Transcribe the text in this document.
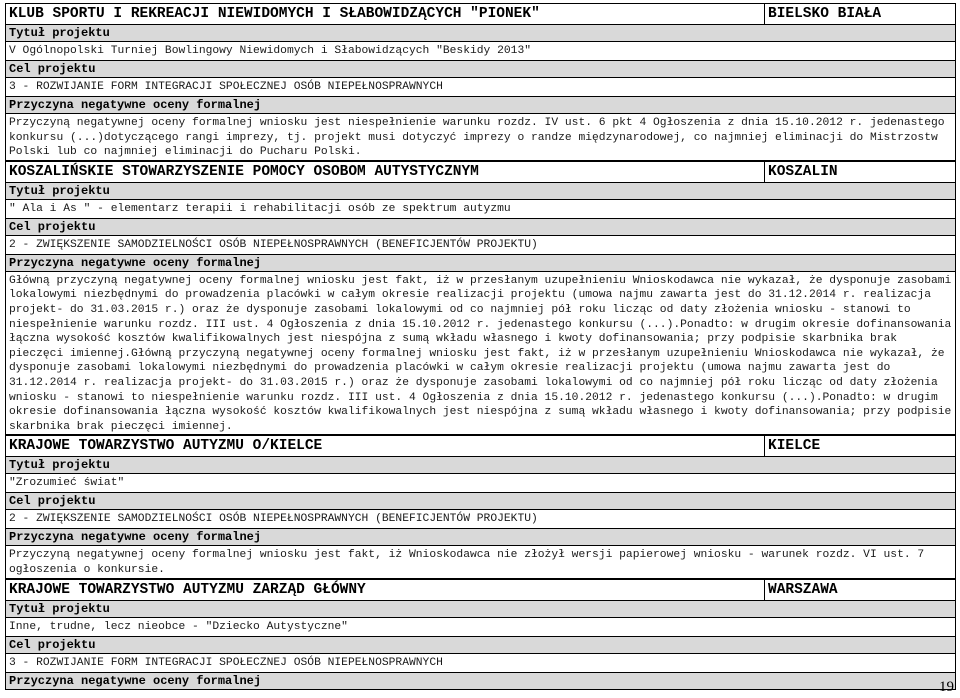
KLUB SPORTU I REKREACJI NIEWIDOMYCH I SŁABOWIDZĄCYCH "PIONEK"	BIELSKO BIAŁA
Tytuł projektu
V Ogólnopolski Turniej Bowlingowy Niewidomych i Słabowidzących "Beskidy 2013"
Cel projektu
3 - ROZWIJANIE FORM INTEGRACJI SPOŁECZNEJ OSÓB NIEPEŁNOSPRAWNYCH
Przyczyna negatywne oceny formalnej
Przyczyną negatywnej oceny formalnej wniosku jest niespełnienie warunku rozdz. IV ust. 6 pkt 4 Ogłoszenia z dnia 15.10.2012 r. jedenastego konkursu (...)dotyczącego rangi imprezy, tj. projekt musi dotyczyć imprezy o randze międzynarodowej, co najmniej eliminacji do Mistrzostw Polski lub co najmniej eliminacji do Pucharu Polski.
KOSZALIŃSKIE STOWARZYSZENIE POMOCY OSOBOM AUTYSTYCZNYM	KOSZALIN
Tytuł projektu
" Ala i As " - elementarz terapii i rehabilitacji osób ze spektrum autyzmu
Cel projektu
2 - ZWIĘKSZENIE SAMODZIELNOŚCI OSÓB NIEPEŁNOSPRAWNYCH (BENEFICJENTÓW PROJEKTU)
Przyczyna negatywne oceny formalnej
Główną przyczyną negatywnej oceny formalnej wniosku jest fakt, iż w przesłanym uzupełnieniu Wnioskodawca nie wykazał, że dysponuje zasobami lokalowymi niezbędnymi do prowadzenia placówki w całym okresie realizacji projektu (umowa najmu zawarta jest do 31.12.2014 r. realizacja projekt- do 31.03.2015 r.) oraz że dysponuje zasobami lokalowymi od co najmniej pół roku licząc od daty złożenia wniosku - stanowi to niespełnienie warunku rozdz. III ust. 4 Ogłoszenia z dnia 15.10.2012 r. jedenastego konkursu (...).Ponadto: w drugim okresie dofinansowania łączna wysokość kosztów kwalifikowalnych jest niespójna z sumą wkładu własnego i kwoty dofinansowania; przy podpisie skarbnika brak pieczęci imiennej.Główną przyczyną negatywnej oceny formalnej wniosku jest fakt, iż w przesłanym uzupełnieniu Wnioskodawca nie wykazał, że dysponuje zasobami lokalowymi niezbędnymi do prowadzenia placówki w całym okresie realizacji projektu (umowa najmu zawarta jest do 31.12.2014 r. realizacja projekt- do 31.03.2015 r.) oraz że dysponuje zasobami lokalowymi od co najmniej pół roku licząc od daty złożenia wniosku - stanowi to niespełnienie warunku rozdz. III ust. 4 Ogłoszenia z dnia 15.10.2012 r. jedenastego konkursu (...).Ponadto: w drugim okresie dofinansowania łączna wysokość kosztów kwalifikowalnych jest niespójna z sumą wkładu własnego i kwoty dofinansowania; przy podpisie skarbnika brak pieczęci imiennej.
KRAJOWE TOWARZYSTWO AUTYZMU O/KIELCE	KIELCE
Tytuł projektu
"Zrozumieć świat"
Cel projektu
2 - ZWIĘKSZENIE SAMODZIELNOŚCI OSÓB NIEPEŁNOSPRAWNYCH (BENEFICJENTÓW PROJEKTU)
Przyczyna negatywne oceny formalnej
Przyczyną negatywnej oceny formalnej wniosku jest fakt, iż Wnioskodawca nie złożył wersji papierowej wniosku - warunek rozdz. VI ust. 7 ogłoszenia o konkursie.
KRAJOWE TOWARZYSTWO AUTYZMU ZARZĄD GŁÓWNY	WARSZAWA
Tytuł projektu
Inne, trudne, lecz nieobce - "Dziecko Autystyczne"
Cel projektu
3 - ROZWIJANIE FORM INTEGRACJI SPOŁECZNEJ OSÓB NIEPEŁNOSPRAWNYCH
Przyczyna negatywne oceny formalnej	19
